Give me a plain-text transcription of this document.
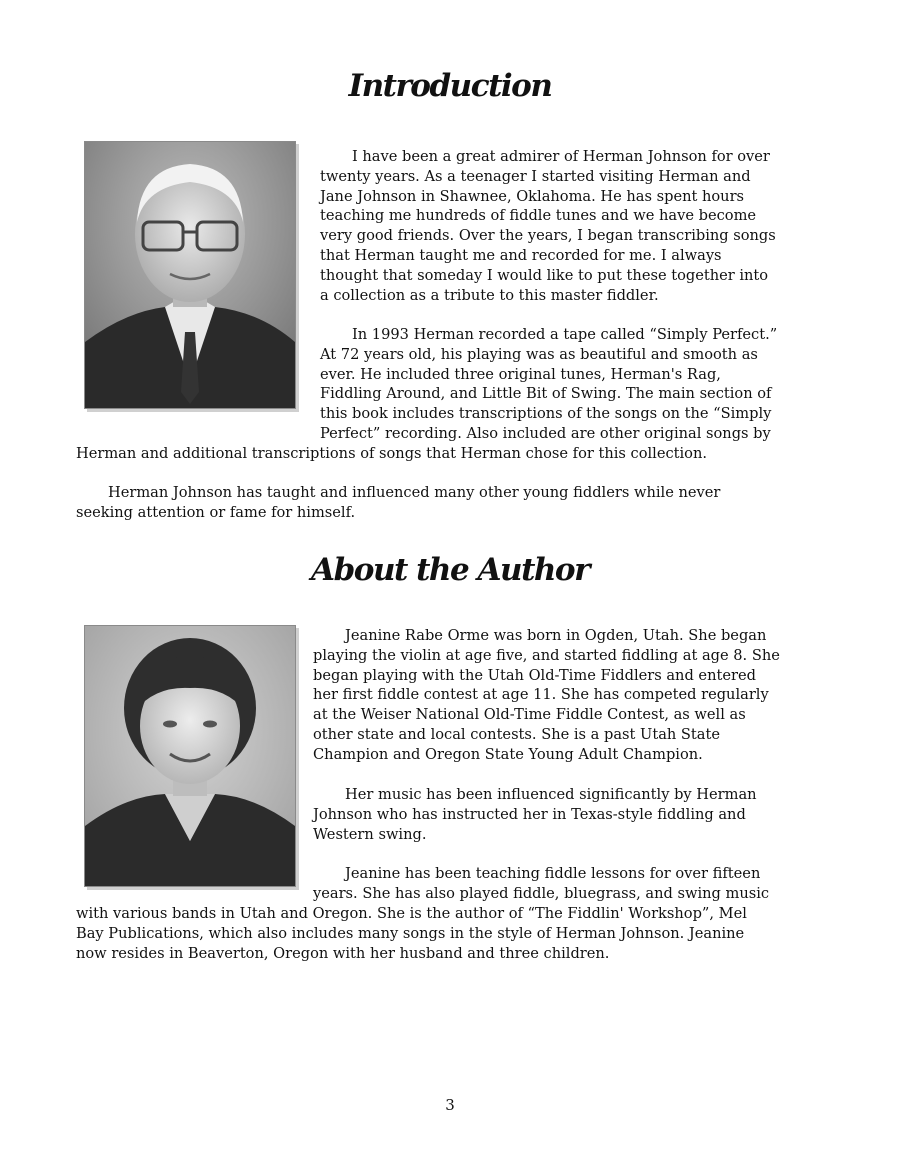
Introduction

I have been a great admirer of Herman Johnson for over
twenty years. As a teenager I started visiting Herman and
Jane Johnson in Shawnee, Oklahoma. He has spent hours
teaching me hundreds of fiddle tunes and we have become
very good friends. Over the years, I began transcribing songs
that Herman taught me and recorded for me. I always
thought that someday I would like to put these together into
a collection as a tribute to this master fiddler.

In 1993 Herman recorded a tape called “Simply Perfect.”
At 72 years old, his playing was as beautiful and smooth as
ever. He included three original tunes, Herman's Rag,
Fiddling Around, and Little Bit of Swing. The main section of
this book includes transcriptions of the songs on the “Simply
Perfect” recording. Also included are other original songs by

Herman and additional transcriptions of songs that Herman chose for this collection.

Herman Johnson has taught and influenced many other young fiddlers while never
seeking attention or fame for himself.

About the Author

Jeanine Rabe Orme was born in Ogden, Utah. She began
playing the violin at age five, and started fiddling at age 8. She
began playing with the Utah Old-Time Fiddlers and entered
her first fiddle contest at age 11. She has competed regularly
at the Weiser National Old-Time Fiddle Contest, as well as
other state and local contests. She is a past Utah State
Champion and Oregon State Young Adult Champion.

Her music has been influenced significantly by Herman
Johnson who has instructed her in Texas-style fiddling and
Western swing.

Jeanine has been teaching fiddle lessons for over fifteen
years. She has also played fiddle, bluegrass, and swing music

with various bands in Utah and Oregon. She is the author of “The Fiddlin' Workshop”, Mel
Bay Publications, which also includes many songs in the style of Herman Johnson. Jeanine
now resides in Beaverton, Oregon with her husband and three children.

3
